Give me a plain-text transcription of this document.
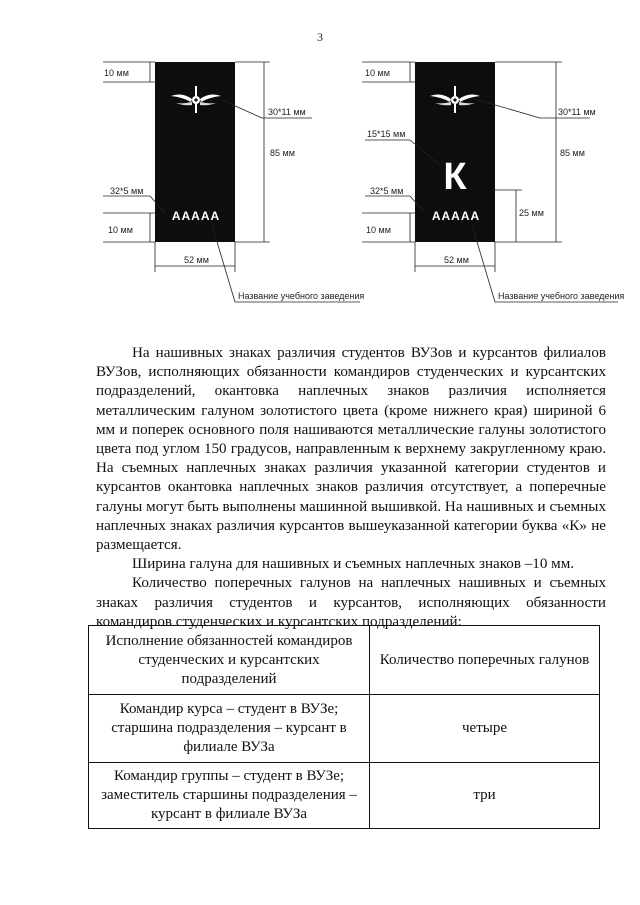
3
ААААА
10 мм
30*11 мм
85 мм
32*5 мм
10 мм
52 мм
Название учебного заведения
К
ААААА
10 мм
15*15 мм
30*11 мм
85 мм
32*5 мм
25 мм
10 мм
52 мм
Название учебного заведения

На нашивных знаках различия студентов ВУЗов и курсантов филиалов ВУЗов, исполняющих обязанности командиров студенческих и курсантских подразделений, окантовка наплечных знаков различия исполняется металлическим галуном золотистого цвета (кроме нижнего края) шириной 6 мм и поперек основного поля нашиваются металлические галуны золотистого цвета под углом 150 градусов, направленным к верхнему закругленному краю. На съемных наплечных знаках различия указанной категории студентов и курсантов окантовка наплечных знаков различия отсутствует, а поперечные галуны могут быть выполнены машинной вышивкой. На нашивных и съемных наплечных знаках различия курсантов вышеуказанной категории буква «К» не размещается.

Ширина галуна для нашивных и съемных наплечных знаков –10 мм.

Количество поперечных галунов на наплечных нашивных и съемных знаках различия студентов и курсантов, исполняющих обязанности командиров студенческих и курсантских подразделений:

Исполнение обязанностей командиров студенческих и курсантских подразделений	Количество поперечных галунов
Командир курса – студент в ВУЗе; старшина подразделения – курсант в филиале ВУЗа	четыре
Командир группы – студент в ВУЗе; заместитель старшины подразделения – курсант в филиале ВУЗа	три
